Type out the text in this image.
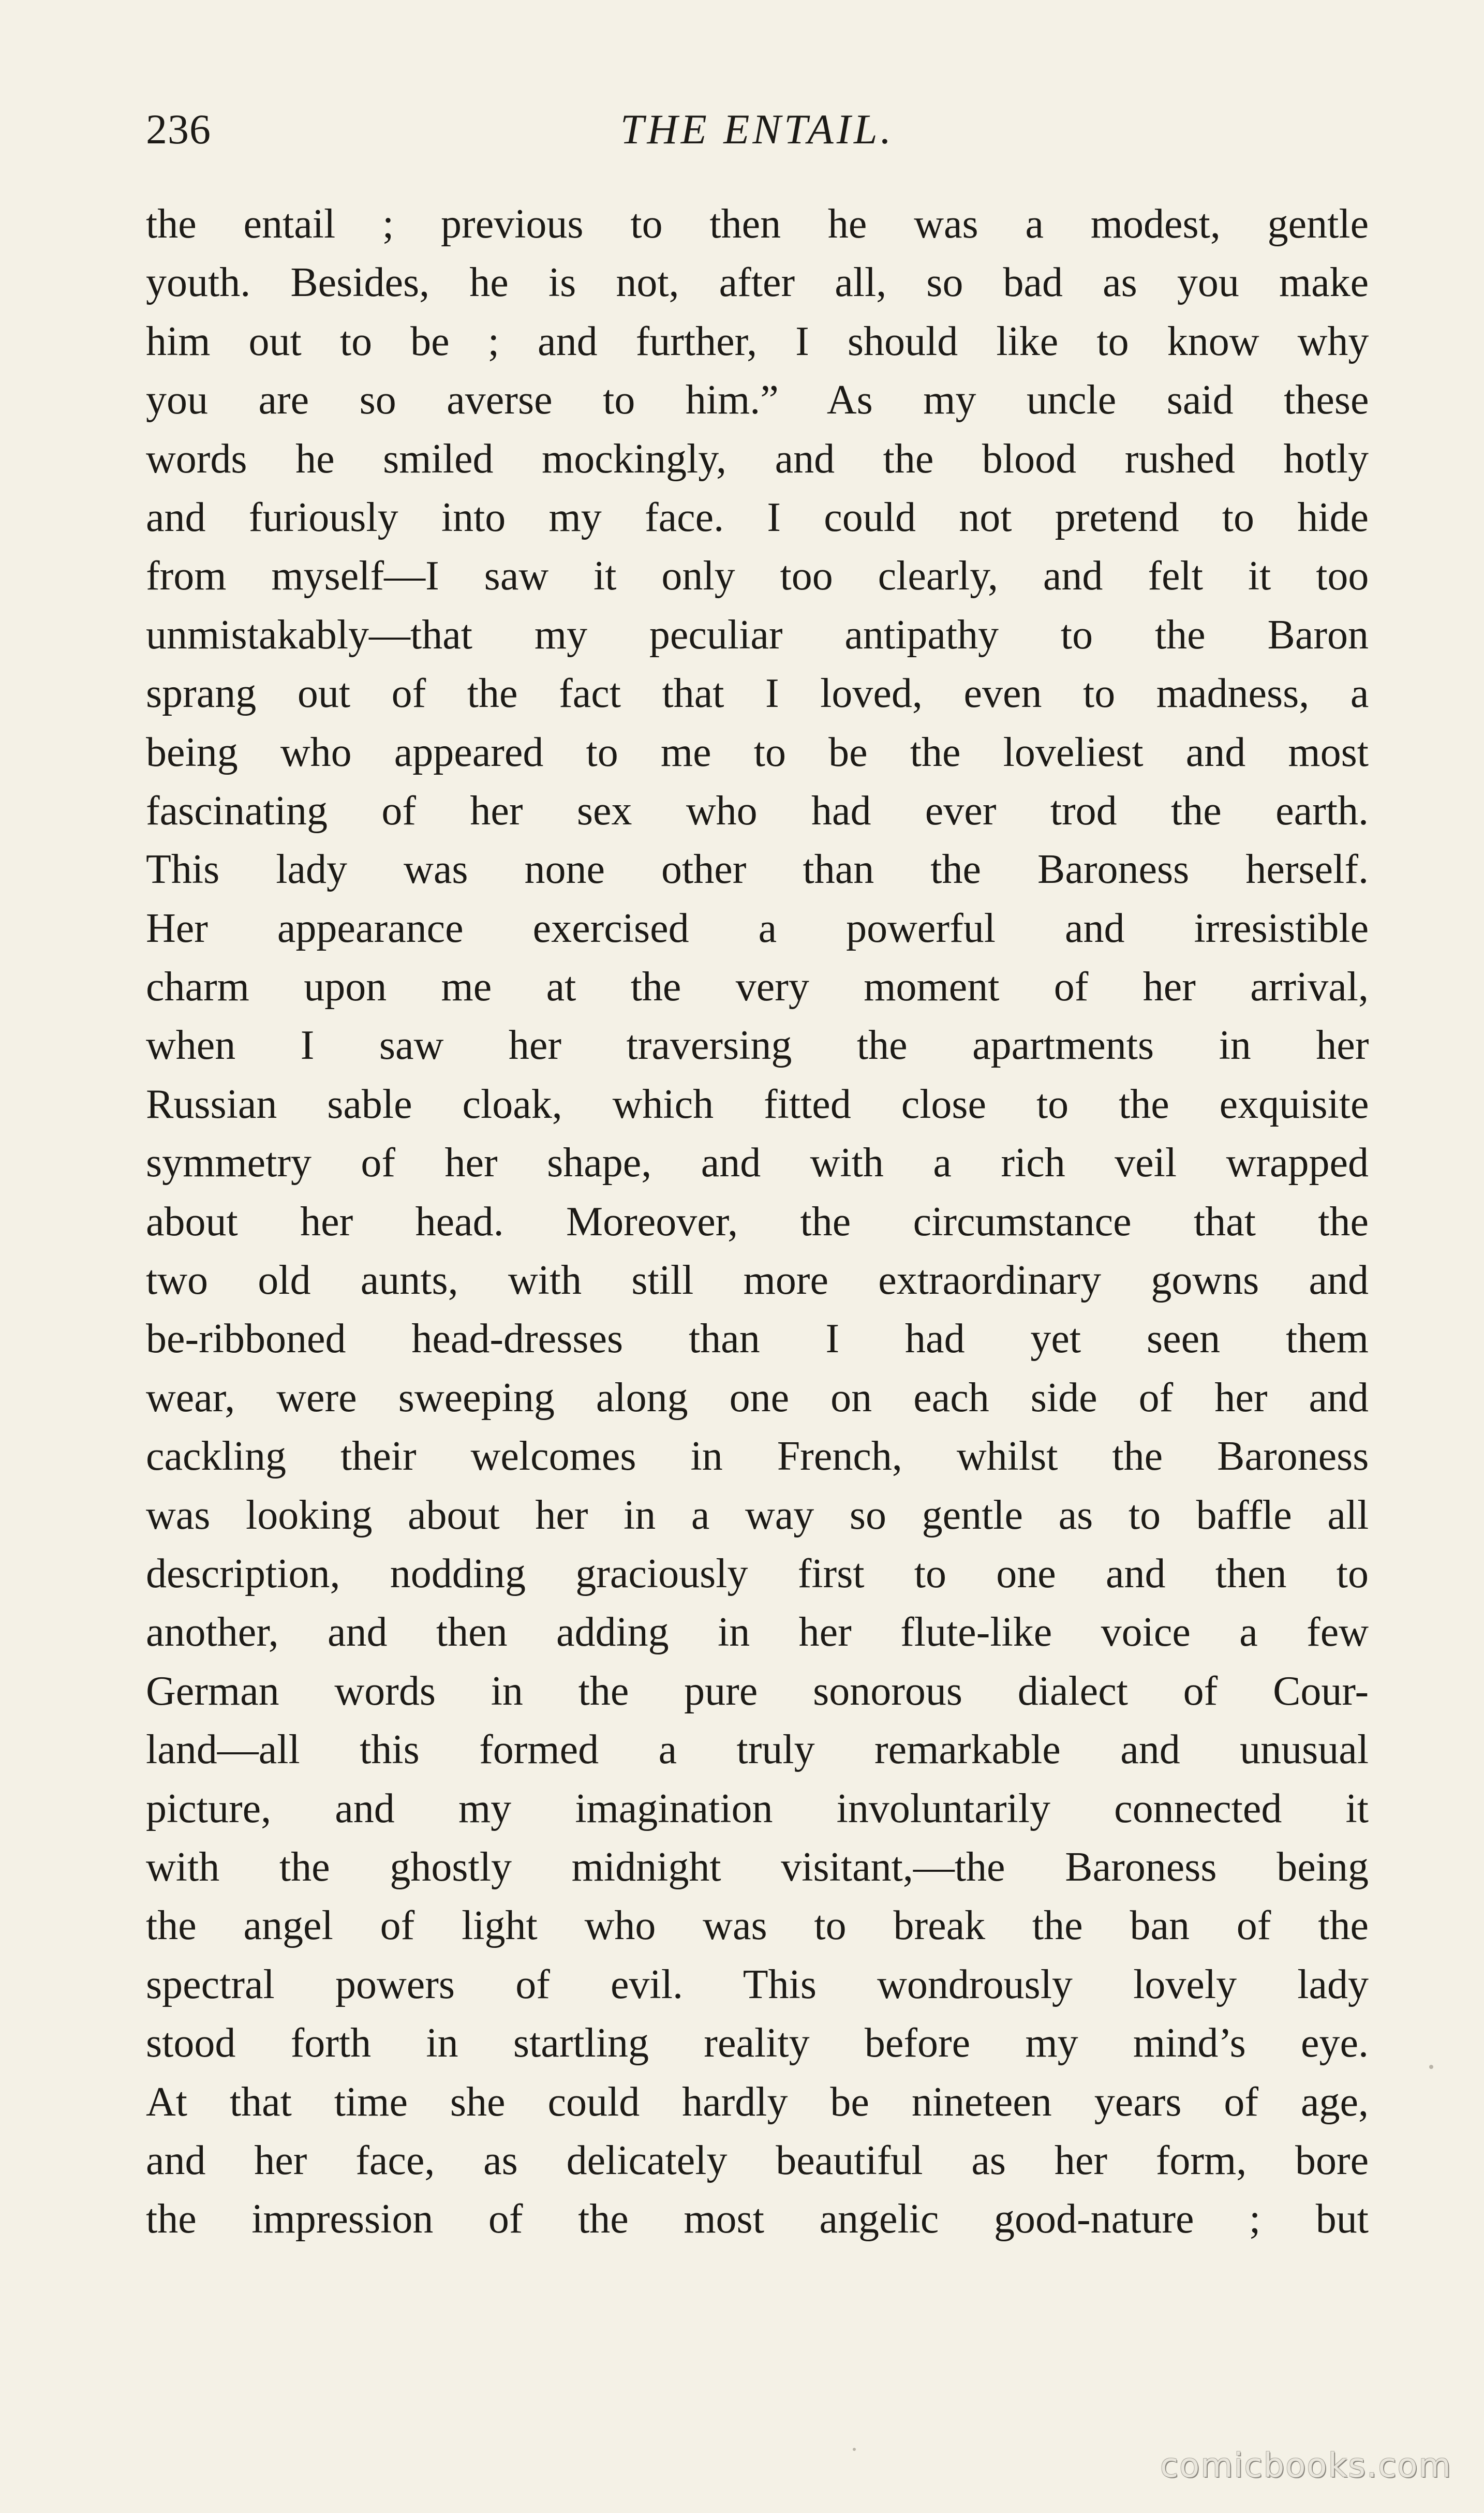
236	THE ENTAIL.
the entail ; previous to then he was a modest, gentle
youth. Besides, he is not, after all, so bad as you make
him out to be ; and further, I should like to know why
you are so averse to him.” As my uncle said these
words he smiled mockingly, and the blood rushed hotly
and furiously into my face. I could not pretend to hide
from myself—I saw it only too clearly, and felt it too
unmistakably—that my peculiar antipathy to the Baron
sprang out of the fact that I loved, even to madness, a
being who appeared to me to be the loveliest and most
fascinating of her sex who had ever trod the earth.
This lady was none other than the Baroness herself.
Her appearance exercised a powerful and irresistible
charm upon me at the very moment of her arrival,
when I saw her traversing the apartments in her
Russian sable cloak, which fitted close to the exquisite
symmetry of her shape, and with a rich veil wrapped
about her head. Moreover, the circumstance that the
two old aunts, with still more extraordinary gowns and
be-ribboned head-dresses than I had yet seen them
wear, were sweeping along one on each side of her and
cackling their welcomes in French, whilst the Baroness
was looking about her in a way so gentle as to baffle all
description, nodding graciously first to one and then to
another, and then adding in her flute-like voice a few
German words in the pure sonorous dialect of Cour-
land—all this formed a truly remarkable and unusual
picture, and my imagination involuntarily connected it
with the ghostly midnight visitant,—the Baroness being
the angel of light who was to break the ban of the
spectral powers of evil. This wondrously lovely lady
stood forth in startling reality before my mind’s eye.
At that time she could hardly be nineteen years of age,
and her face, as delicately beautiful as her form, bore
the impression of the most angelic good-nature ; but
comicbooks.com
